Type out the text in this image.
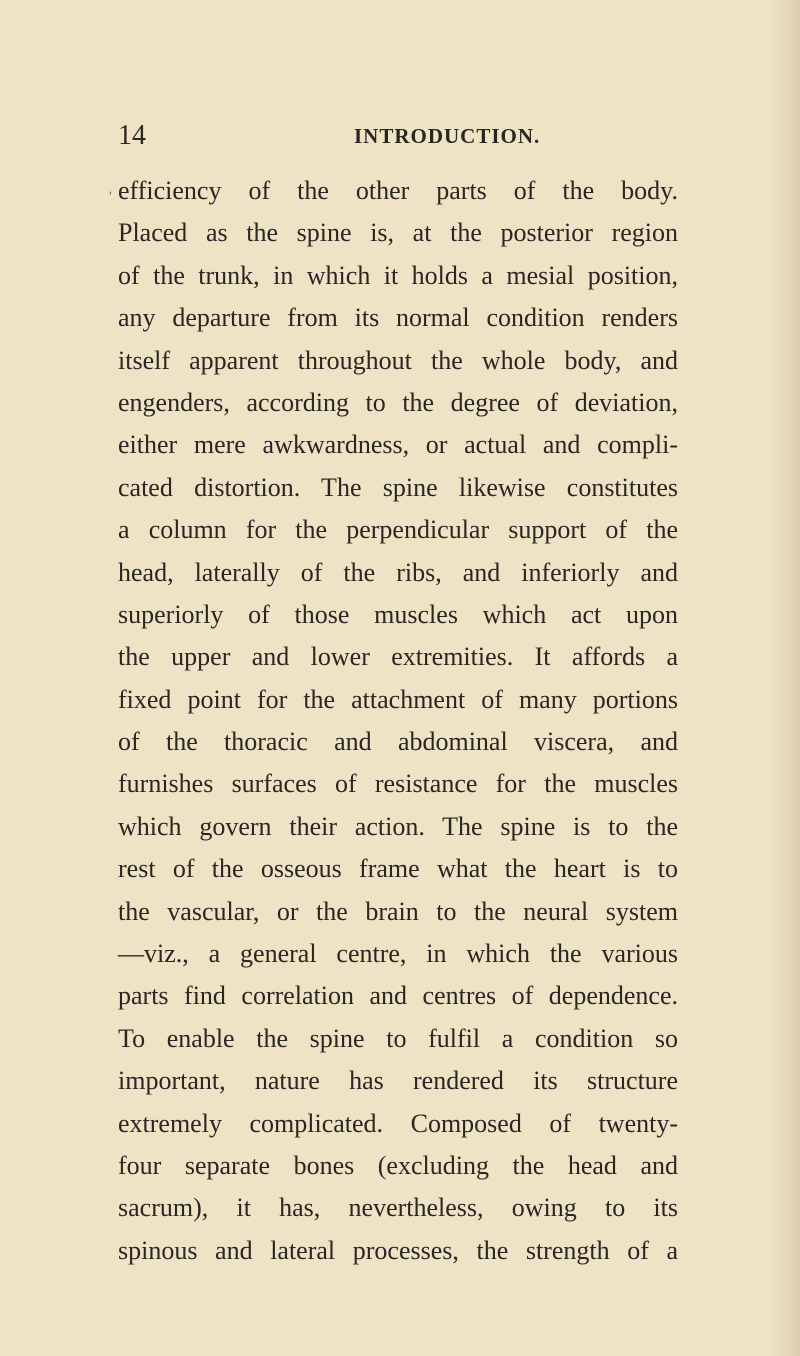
14	INTRODUCTION.
ʹ efficiency of the other parts of the body.
Placed as the spine is, at the posterior region
of the trunk, in which it holds a mesial position,
any departure from its normal condition renders
itself apparent throughout the whole body, and
engenders, according to the degree of deviation,
either mere awkwardness, or actual and compli-
cated distortion. The spine likewise constitutes
a column for the perpendicular support of the
head, laterally of the ribs, and inferiorly and
superiorly of those muscles which act upon
the upper and lower extremities. It affords a
fixed point for the attachment of many portions
of the thoracic and abdominal viscera, and
furnishes surfaces of resistance for the muscles
which govern their action. The spine is to the
rest of the osseous frame what the heart is to
the vascular, or the brain to the neural system
—viz., a general centre, in which the various
parts find correlation and centres of dependence.
To enable the spine to fulfil a condition so
important, nature has rendered its structure
extremely complicated. Composed of twenty-
four separate bones (excluding the head and
sacrum), it has, nevertheless, owing to its
spinous and lateral processes, the strength of a
